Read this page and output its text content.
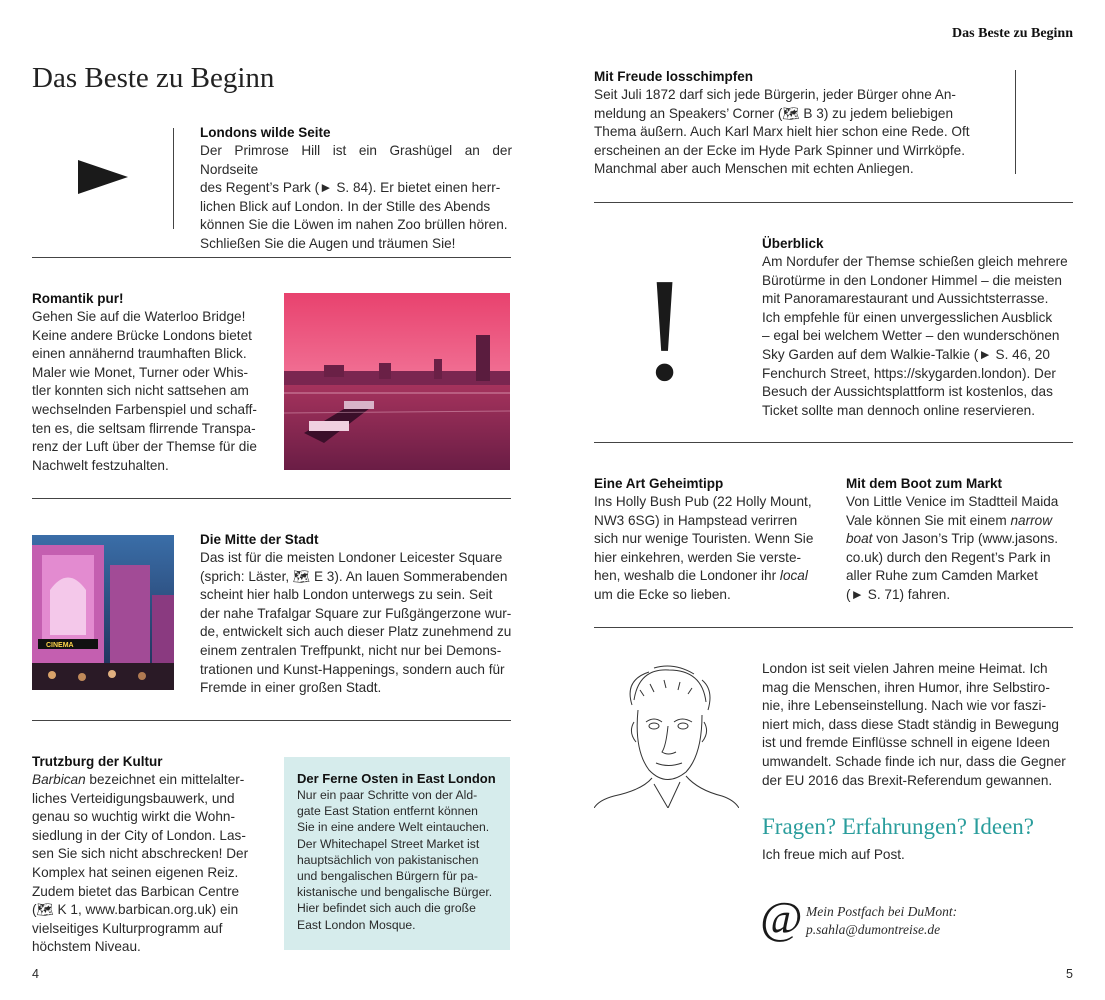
Das Beste zu Beginn
Das Beste zu Beginn
Londons wilde Seite
Der Primrose Hill ist ein Grashügel an der Nordseite
des Regent’s Park (► S. 84). Er bietet einen herr-
lichen Blick auf London. In der Stille des Abends
können Sie die Löwen im nahen Zoo brüllen hören.
Schließen Sie die Augen und träumen Sie!
Romantik pur!
Gehen Sie auf die Waterloo Bridge!
Keine andere Brücke Londons bietet
einen annähernd traumhaften Blick.
Maler wie Monet, Turner oder Whis-
tler konnten sich nicht sattsehen am
wechselnden Farbenspiel und schaff-
ten es, die seltsam flirrende Transpa-
renz der Luft über der Themse für die
Nachwelt festzuhalten.
CINEMA
Die Mitte der Stadt
Das ist für die meisten Londoner Leicester Square
(sprich: Läster, 🗺 E 3). An lauen Sommerabenden
scheint hier halb London unterwegs zu sein. Seit
der nahe Trafalgar Square zur Fußgängerzone wur-
de, entwickelt sich auch dieser Platz zunehmend zu
einem zentralen Treffpunkt, nicht nur bei Demons-
trationen und Kunst-Happenings, sondern auch für
Fremde in einer großen Stadt.
Trutzburg der Kultur
Barbican bezeichnet ein mittelalter-
liches Verteidigungsbauwerk, und
genau so wuchtig wirkt die Wohn-
siedlung in der City of London. Las-
sen Sie sich nicht abschrecken! Der
Komplex hat seinen eigenen Reiz.
Zudem bietet das Barbican Centre
(🗺 K 1, www.barbican.org.uk) ein
vielseitiges Kulturprogramm auf
höchstem Niveau.
Der Ferne Osten in East London
Nur ein paar Schritte von der Ald-
gate East Station entfernt können
Sie in eine andere Welt eintauchen.
Der Whitechapel Street Market ist
hauptsächlich von pakistanischen
und bengalischen Bürgern für pa-
kistanische und bengalische Bürger.
Hier befindet sich auch die große
East London Mosque.
4
Mit Freude losschimpfen
Seit Juli 1872 darf sich jede Bürgerin, jeder Bürger ohne An-
meldung an Speakers’ Corner (🗺 B 3) zu jedem beliebigen
Thema äußern. Auch Karl Marx hielt hier schon eine Rede. Oft
erscheinen an der Ecke im Hyde Park Spinner und Wirrköpfe.
Manchmal aber auch Menschen mit echten Anliegen.
!
Überblick
Am Nordufer der Themse schießen gleich mehrere
Bürotürme in den Londoner Himmel – die meisten
mit Panoramarestaurant und Aussichtsterrasse.
Ich empfehle für einen unvergesslichen Ausblick
– egal bei welchem Wetter – den wunderschönen
Sky Garden auf dem Walkie-Talkie (► S. 46, 20
Fenchurch Street, https://skygarden.london). Der
Besuch der Aussichtsplattform ist kostenlos, das
Ticket sollte man dennoch online reservieren.
Eine Art Geheimtipp
Ins Holly Bush Pub (22 Holly Mount,
NW3 6SG) in Hampstead verirren
sich nur wenige Touristen. Wenn Sie
hier einkehren, werden Sie verste-
hen, weshalb die Londoner ihr local
um die Ecke so lieben.
Mit dem Boot zum Markt
Von Little Venice im Stadtteil Maida
Vale können Sie mit einem narrow
boat von Jason’s Trip (www.jasons.
co.uk) durch den Regent’s Park in
aller Ruhe zum Camden Market
(► S. 71) fahren.
London ist seit vielen Jahren meine Heimat. Ich
mag die Menschen, ihren Humor, ihre Selbstiro-
nie, ihre Lebenseinstellung. Nach wie vor faszi-
niert mich, dass diese Stadt ständig in Bewegung
ist und fremde Einflüsse schnell in eigene Ideen
umwandelt. Schade finde ich nur, dass die Gegner
der EU 2016 das Brexit-Referendum gewannen.
Fragen? Erfahrungen? Ideen?
Ich freue mich auf Post.
@ Mein Postfach bei DuMont:
p.sahla@dumontreise.de
5
